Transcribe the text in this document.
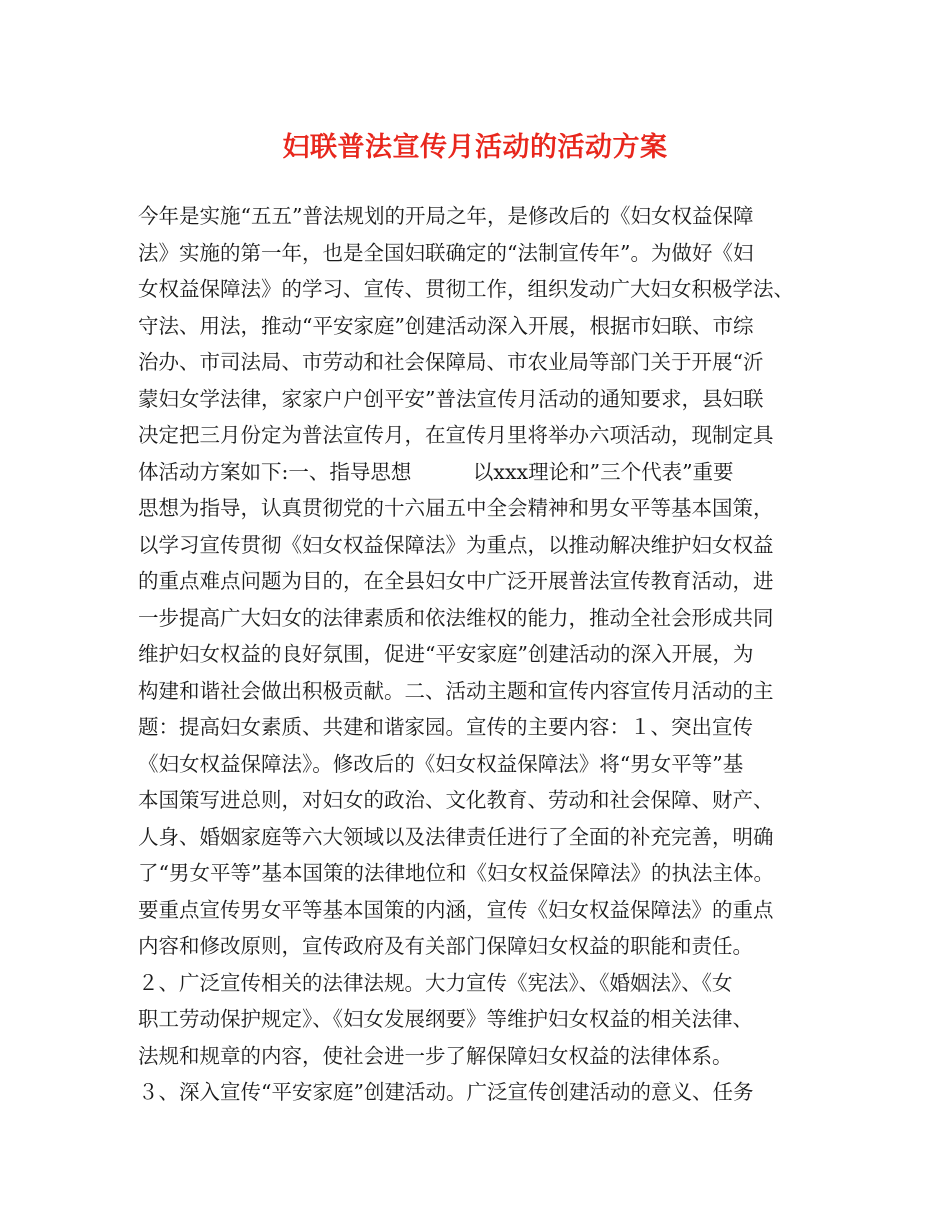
妇联普法宣传月活动的活动方案
今年是实施“五五”普法规划的开局之年，是修改后的《妇女权益保障
法》实施的第一年，也是全国妇联确定的“法制宣传年”。为做好《妇
女权益保障法》的学习、宣传、贯彻工作，组织发动广大妇女积极学法、
守法、用法，推动“平安家庭”创建活动深入开展，根据市妇联、市综
治办、市司法局、市劳动和社会保障局、市农业局等部门关于开展“沂
蒙妇女学法律，家家户户创平安”普法宣传月活动的通知要求，县妇联
决定把三月份定为普法宣传月，在宣传月里将举办六项活动，现制定具
体活动方案如下:一、指导思想　　　以xxx理论和”三个代表”重要
思想为指导，认真贯彻党的十六届五中全会精神和男女平等基本国策，
以学习宣传贯彻《妇女权益保障法》为重点，以推动解决维护妇女权益
的重点难点问题为目的，在全县妇女中广泛开展普法宣传教育活动，进
一步提高广大妇女的法律素质和依法维权的能力，推动全社会形成共同
维护妇女权益的良好氛围，促进“平安家庭”创建活动的深入开展，为
构建和谐社会做出积极贡献。二、活动主题和宣传内容宣传月活动的主
题：提高妇女素质、共建和谐家园。宣传的主要内容：１、突出宣传
《妇女权益保障法》。修改后的《妇女权益保障法》将“男女平等”基
本国策写进总则，对妇女的政治、文化教育、劳动和社会保障、财产、
人身、婚姻家庭等六大领域以及法律责任进行了全面的补充完善，明确
了“男女平等”基本国策的法律地位和《妇女权益保障法》的执法主体。
要重点宣传男女平等基本国策的内涵，宣传《妇女权益保障法》的重点
内容和修改原则，宣传政府及有关部门保障妇女权益的职能和责任。
２、广泛宣传相关的法律法规。大力宣传《宪法》、《婚姻法》、《女
职工劳动保护规定》、《妇女发展纲要》等维护妇女权益的相关法律、
法规和规章的内容，使社会进一步了解保障妇女权益的法律体系。
３、深入宣传“平安家庭”创建活动。广泛宣传创建活动的意义、任务
